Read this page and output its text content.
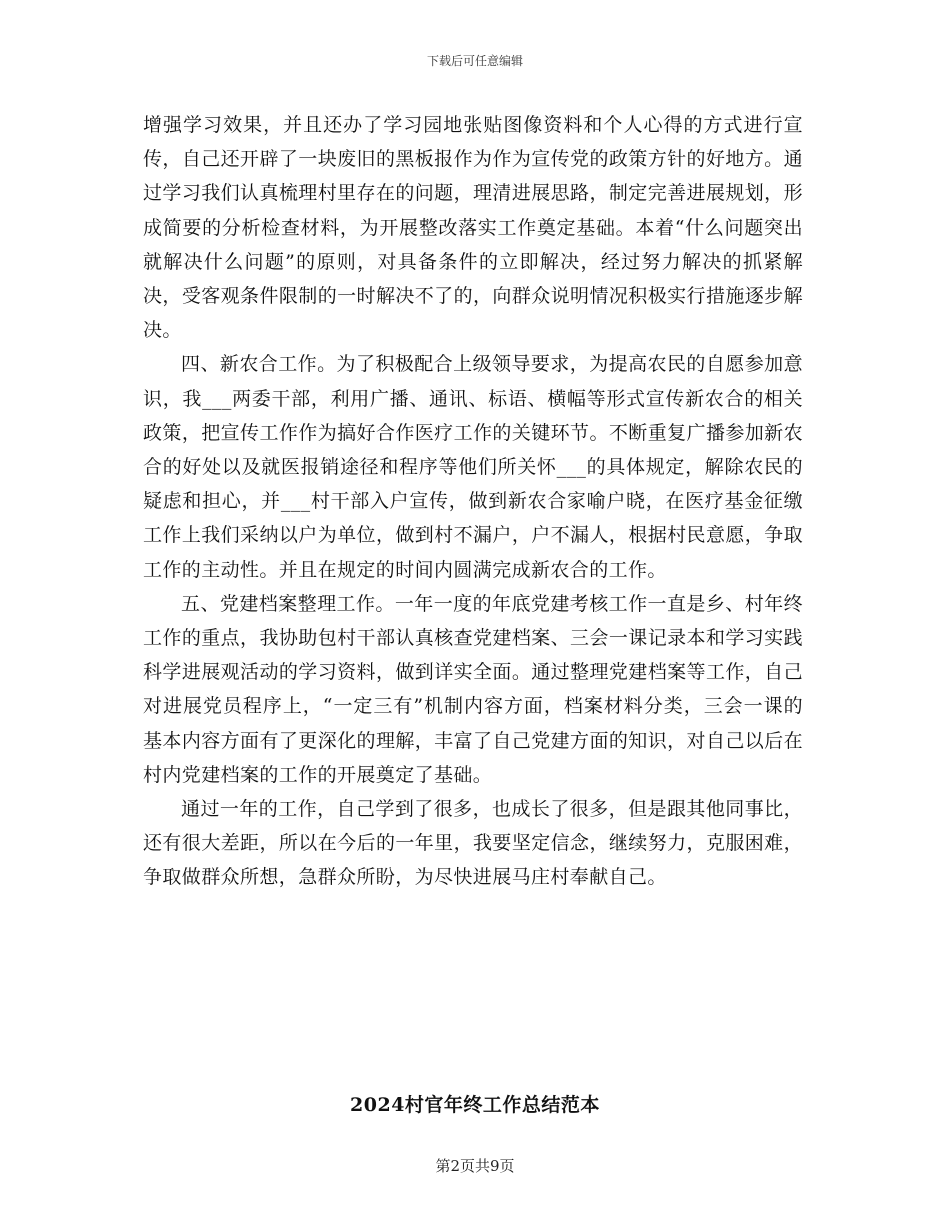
下载后可任意编辑

增强学习效果，并且还办了学习园地张贴图像资料和个人心得的方式进行宣传，自己还开辟了一块废旧的黑板报作为作为宣传党的政策方针的好地方。通过学习我们认真梳理村里存在的问题，理清进展思路，制定完善进展规划，形成简要的分析检查材料，为开展整改落实工作奠定基础。本着“什么问题突出就解决什么问题”的原则，对具备条件的立即解决，经过努力解决的抓紧解决，受客观条件限制的一时解决不了的，向群众说明情况积极实行措施逐步解决。

四、新农合工作。为了积极配合上级领导要求，为提高农民的自愿参加意识，我___两委干部，利用广播、通讯、标语、横幅等形式宣传新农合的相关政策，把宣传工作作为搞好合作医疗工作的关键环节。不断重复广播参加新农合的好处以及就医报销途径和程序等他们所关怀___的具体规定，解除农民的疑虑和担心，并___村干部入户宣传，做到新农合家喻户晓，在医疗基金征缴工作上我们采纳以户为单位，做到村不漏户，户不漏人，根据村民意愿，争取工作的主动性。并且在规定的时间内圆满完成新农合的工作。

五、党建档案整理工作。一年一度的年底党建考核工作一直是乡、村年终工作的重点，我协助包村干部认真核查党建档案、三会一课记录本和学习实践科学进展观活动的学习资料，做到详实全面。通过整理党建档案等工作，自己对进展党员程序上，“一定三有”机制内容方面，档案材料分类，三会一课的基本内容方面有了更深化的理解，丰富了自己党建方面的知识，对自己以后在村内党建档案的工作的开展奠定了基础。

通过一年的工作，自己学到了很多，也成长了很多，但是跟其他同事比，还有很大差距，所以在今后的一年里，我要坚定信念，继续努力，克服困难，争取做群众所想，急群众所盼，为尽快进展马庄村奉献自己。

2024村官年终工作总结范本
第2页共9页
